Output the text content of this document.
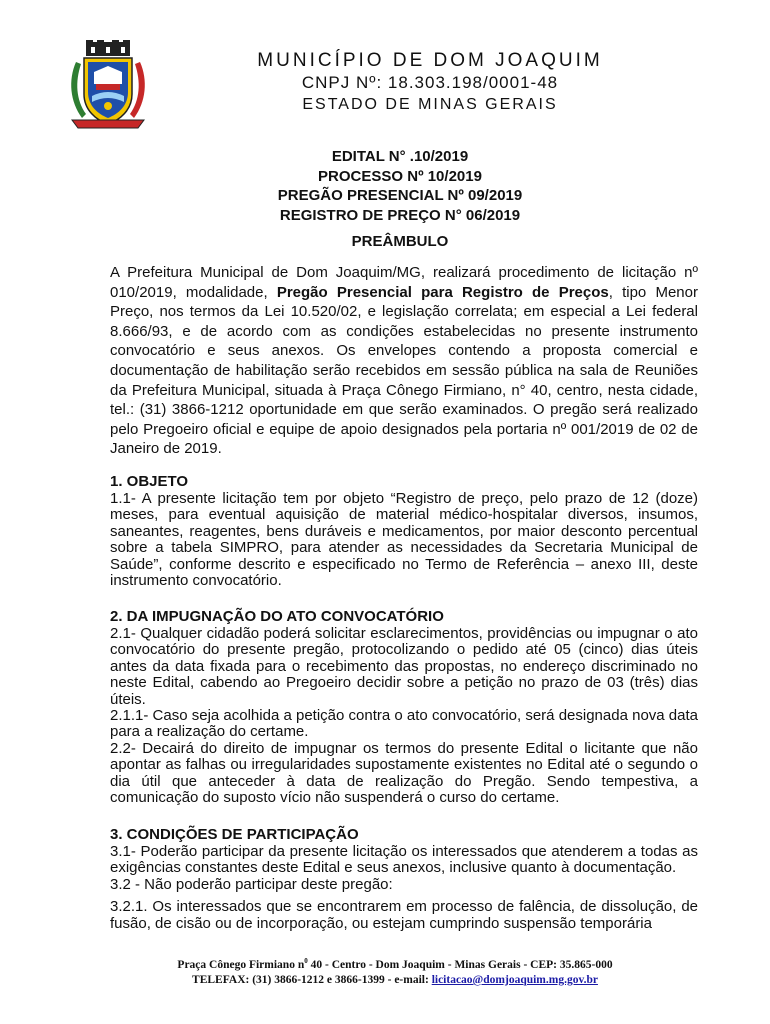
MUNICÍPIO DE DOM JOAQUIM
CNPJ Nº: 18.303.198/0001-48
ESTADO DE MINAS GERAIS
EDITAL N° .10/2019
PROCESSO Nº 10/2019
PREGÃO PRESENCIAL Nº 09/2019
REGISTRO DE PREÇO N° 06/2019
PREÂMBULO

A Prefeitura Municipal de Dom Joaquim/MG, realizará procedimento de licitação nº 010/2019, modalidade, Pregão Presencial para Registro de Preços, tipo Menor Preço, nos termos da Lei 10.520/02, e legislação correlata; em especial a Lei federal 8.666/93, e de acordo com as condições estabelecidas no presente instrumento convocatório e seus anexos. Os envelopes contendo a proposta comercial e documentação de habilitação serão recebidos em sessão pública na sala de Reuniões da Prefeitura Municipal, situada à Praça Cônego Firmiano, n° 40, centro, nesta cidade, tel.: (31) 3866-1212 oportunidade em que serão examinados. O pregão será realizado pelo Pregoeiro oficial e equipe de apoio designados pela portaria nº 001/2019 de 02 de Janeiro de 2019.

1. OBJETO

1.1- A presente licitação tem por objeto “Registro de preço, pelo prazo de 12 (doze) meses, para eventual aquisição de material médico-hospitalar diversos, insumos, saneantes, reagentes, bens duráveis e medicamentos, por maior desconto percentual sobre a tabela SIMPRO, para atender as necessidades da Secretaria Municipal de Saúde”, conforme descrito e especificado no Termo de Referência – anexo III, deste instrumento convocatório.

2. DA IMPUGNAÇÃO DO ATO CONVOCATÓRIO

2.1- Qualquer cidadão poderá solicitar esclarecimentos, providências ou impugnar o ato convocatório do presente pregão, protocolizando o pedido até 05 (cinco) dias úteis antes da data fixada para o recebimento das propostas, no endereço discriminado no neste Edital, cabendo ao Pregoeiro decidir sobre a petição no prazo de 03 (três) dias úteis.

2.1.1- Caso seja acolhida a petição contra o ato convocatório, será designada nova data para a realização do certame.

2.2- Decairá do direito de impugnar os termos do presente Edital o licitante que não apontar as falhas ou irregularidades supostamente existentes no Edital até o segundo o dia útil que anteceder à data de realização do Pregão. Sendo tempestiva, a comunicação do suposto vício não suspenderá o curso do certame.

3. CONDIÇÕES DE PARTICIPAÇÃO

3.1- Poderão participar da presente licitação os interessados que atenderem a todas as exigências constantes deste Edital e seus anexos, inclusive quanto à documentação.

3.2 - Não poderão participar deste pregão:

3.2.1. Os interessados que se encontrarem em processo de falência, de dissolução, de fusão, de cisão ou de incorporação, ou estejam cumprindo suspensão temporária

Praça Cônego Firmiano $n^0$ 40 - Centro - Dom Joaquim - Minas Gerais - CEP: 35.865-000
TELEFAX: (31) 3866-1212 e 3866-1399 - e-mail: licitacao@domjoaquim.mg.gov.br
